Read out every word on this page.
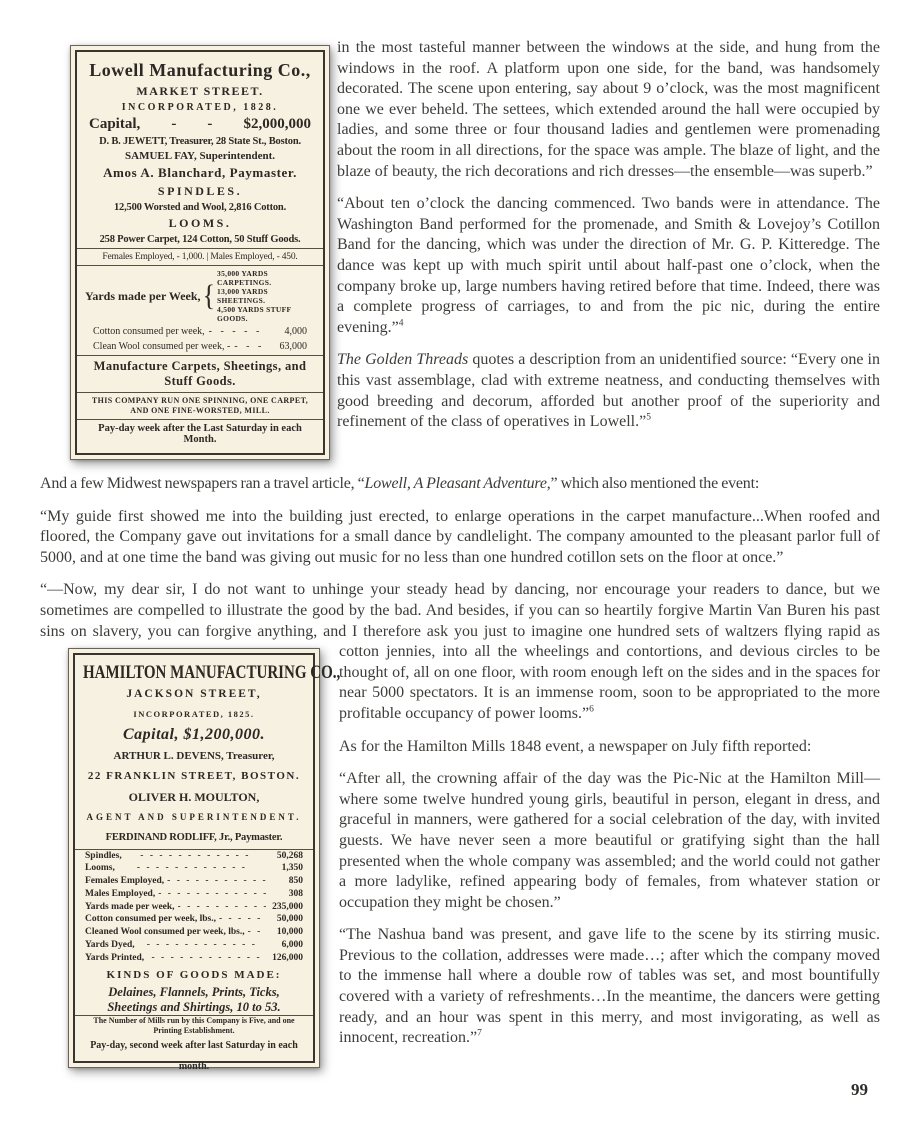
Lowell Manufacturing Co.,
MARKET STREET.
INCORPORATED, 1828.
Capital, - - $2,000,000
D. B. JEWETT, Treasurer, 28 State St., Boston.
SAMUEL FAY, Superintendent.
Amos A. Blanchard, Paymaster.
SPINDLES.
12,500 Worsted and Wool, 2,816 Cotton.
LOOMS.
258 Power Carpet, 124 Cotton, 50 Stuff Goods.
Females Employed, - 1,000. | Males Employed, - 450.
Yards made per Week, {
35,000 YARDS CARPETINGS.
13,000 YARDS SHEETINGS.
4,500 YARDS STUFF GOODS.
Cotton consumed per week, -	4,000
Clean Wool consumed per week, - -	63,000
Manufacture Carpets, Sheetings, and Stuff Goods.
THIS COMPANY RUN ONE SPINNING, ONE CARPET, AND ONE FINE-WORSTED, MILL.
Pay-day week after the Last Saturday in each Month.
in the most tasteful manner between the windows at the side, and hung from the windows in the roof. A platform upon one side, for the band, was handsomely decorated. The scene upon entering, say about 9 o’clock, was the most magnificent one we ever beheld. The settees, which extended around the hall were occupied by ladies, and some three or four thousand ladies and gentlemen were promenading about the room in all directions, for the space was ample. The blaze of light, and the blaze of beauty, the rich decorations and rich dresses—the ensemble—was superb.”
“About ten o’clock the dancing commenced. Two bands were in attendance. The Washington Band performed for the promenade, and Smith & Lovejoy’s Cotillon Band for the dancing, which was under the direction of Mr. G. P. Kitteredge. The dance was kept up with much spirit until about half-past one o’clock, when the company broke up, large numbers having retired before that time. Indeed, there was a complete progress of carriages, to and from the pic nic, during the entire evening.”$^4$
The Golden Threads quotes a description from an unidentified source: “Every one in this vast assemblage, clad with extreme neatness, and conducting themselves with good breeding and decorum, afforded but another proof of the superiority and refinement of the class of operatives in Lowell.”$^5$
And a few Midwest newspapers ran a travel article, “Lowell, A Pleasant Adventure,” which also mentioned the event:
“My guide first showed me into the building just erected, to enlarge operations in the carpet manufacture...When roofed and floored, the Company gave out invitations for a small dance by candlelight. The company amounted to the pleasant parlor full of 5000, and at one time the band was giving out music for no less than one hundred cotillon sets on the floor at once.”
“—Now, my dear sir, I do not want to unhinge your steady head by dancing, nor encourage your readers to dance, but we sometimes are compelled to illustrate the good by the bad. And besides, if you can so heartily forgive Martin Van Buren his past sins on slavery, you can forgive anything, and I therefore ask you just to imagine one hundred
HAMILTON MANUFACTURING CO.,
JACKSON STREET,
INCORPORATED, 1825.
Capital, $1,200,000.
ARTHUR L. DEVENS, Treasurer,
22 FRANKLIN STREET, BOSTON.
OLIVER H. MOULTON,
AGENT AND SUPERINTENDENT.
FERDINAND RODLIFF, Jr., Paymaster.
Spindles, -	50,268
Looms, -	1,350
Females Employed, -	850
Males Employed, -	308
Yards made per week, -	235,000
Cotton consumed per week, lbs., -	50,000
Cleaned Wool consumed per week, lbs., -	10,000
Yards Dyed, -	6,000
Yards Printed, -	126,000
KINDS OF GOODS MADE:
Delaines, Flannels, Prints, Ticks, Sheetings and Shirtings, 10 to 53.
The Number of Mills run by this Company is Five, and one Printing Establishment.
Pay-day, second week after last Saturday in each month.
sets of waltzers flying rapid as cotton jennies, into all the wheelings and contortions, and devious circles to be thought of, all on one floor, with room enough left on the sides and in the spaces for near 5000 spectators. It is an immense room, soon to be appropriated to the more profitable occupancy of power looms.”$^6$
As for the Hamilton Mills 1848 event, a newspaper on July fifth reported:
“After all, the crowning affair of the day was the Pic-Nic at the Hamilton Mill—where some twelve hundred young girls, beautiful in person, elegant in dress, and graceful in manners, were gathered for a social celebration of the day, with invited guests. We have never seen a more beautiful or gratifying sight than the hall presented when the whole company was assembled; and the world could not gather a more ladylike, refined appearing body of females, from whatever station or occupation they might be chosen.”
“The Nashua band was present, and gave life to the scene by its stirring music. Previous to the collation, addresses were made…; after which the company moved to the immense hall where a double row of tables was set, and most bountifully covered with a variety of refreshments…In the meantime, the dancers were getting ready, and an hour was spent in this merry, and most invigorating, as well as innocent, recreation.”$^7$
99
